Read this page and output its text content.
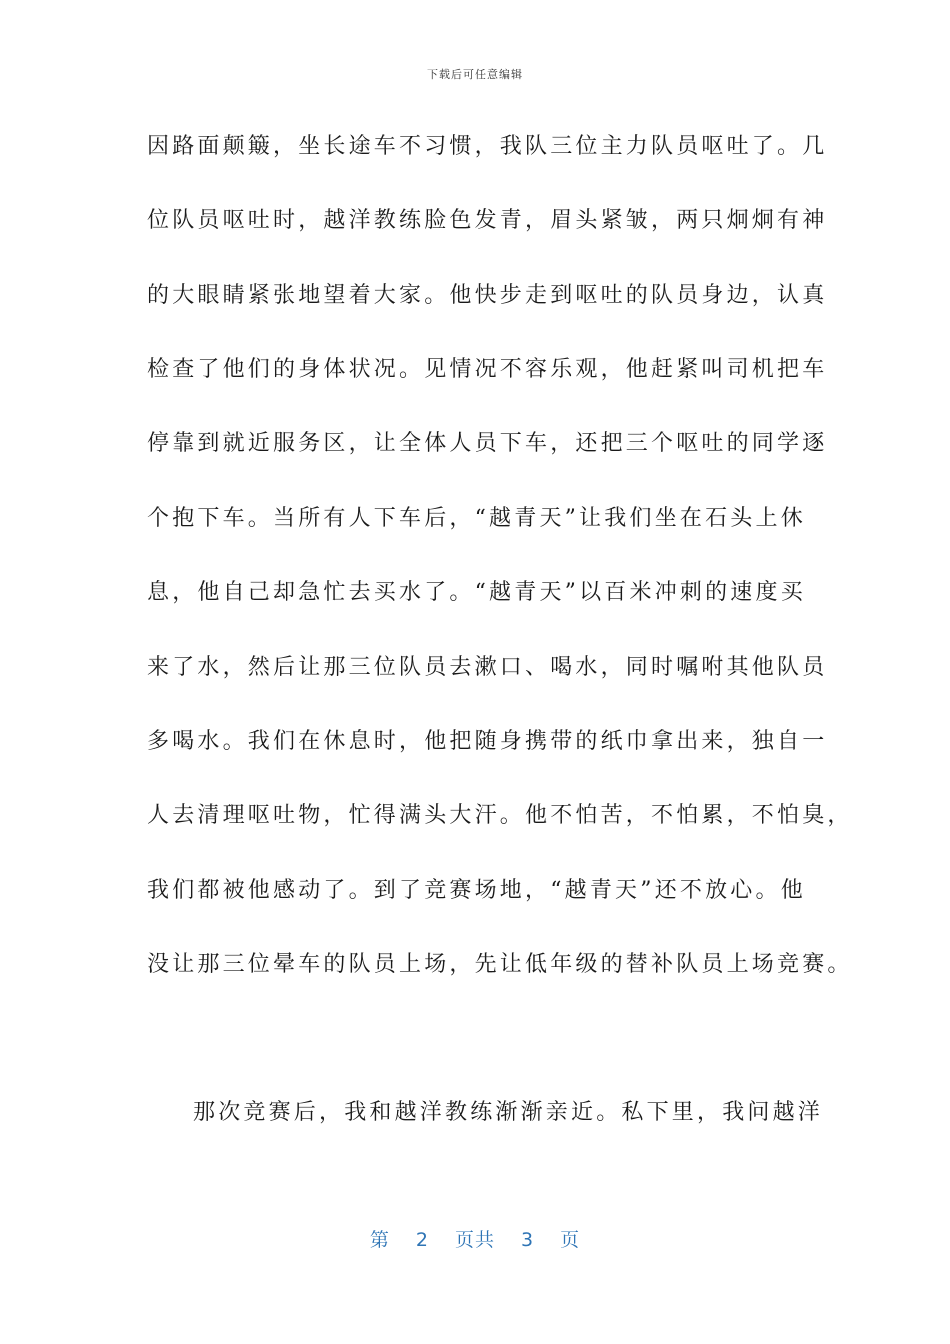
下载后可任意编辑
因路面颠簸，坐长途车不习惯，我队三位主力队员呕吐了。几
位队员呕吐时，越洋教练脸色发青，眉头紧皱，两只炯炯有神
的大眼睛紧张地望着大家。他快步走到呕吐的队员身边，认真
检查了他们的身体状况。见情况不容乐观，他赶紧叫司机把车
停靠到就近服务区，让全体人员下车，还把三个呕吐的同学逐
个抱下车。当所有人下车后，“越青天”让我们坐在石头上休
息，他自己却急忙去买水了。“越青天”以百米冲刺的速度买
来了水，然后让那三位队员去漱口、喝水，同时嘱咐其他队员
多喝水。我们在休息时，他把随身携带的纸巾拿出来，独自一
人去清理呕吐物，忙得满头大汗。他不怕苦，不怕累，不怕臭，
我们都被他感动了。到了竞赛场地，“越青天”还不放心。他
没让那三位晕车的队员上场，先让低年级的替补队员上场竞赛。
那次竞赛后，我和越洋教练渐渐亲近。私下里，我问越洋
第 2 页共 3 页
